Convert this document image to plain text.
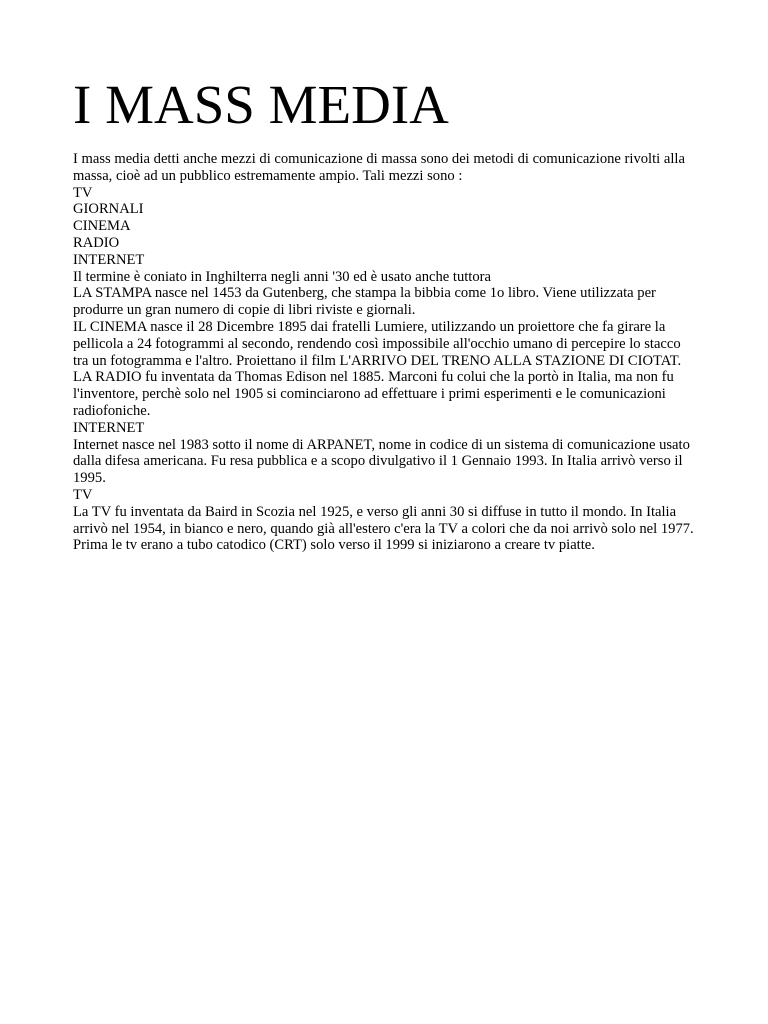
I MASS MEDIA

I mass media detti anche mezzi di comunicazione di massa sono dei metodi di comunicazione rivolti alla massa, cioè ad un pubblico estremamente ampio. Tali mezzi sono :

TV

GIORNALI

CINEMA

RADIO

INTERNET

Il termine è coniato in Inghilterra negli anni '30 ed è usato anche tuttora

LA STAMPA nasce nel 1453 da Gutenberg, che stampa la bibbia come 1o libro. Viene utilizzata per produrre un gran numero di copie di libri riviste e giornali.

IL CINEMA nasce il 28 Dicembre 1895 dai fratelli Lumiere, utilizzando un proiettore che fa girare la pellicola a 24 fotogrammi al secondo, rendendo così impossibile all'occhio umano di percepire lo stacco tra un fotogramma e l'altro. Proiettano il film L'ARRIVO DEL TRENO ALLA STAZIONE DI CIOTAT.

LA RADIO fu inventata da Thomas Edison nel 1885. Marconi fu colui che la portò in Italia, ma non fu l'inventore, perchè solo nel 1905 si cominciarono ad effettuare i primi esperimenti e le comunicazioni radiofoniche.

INTERNET

Internet nasce nel 1983 sotto il nome di ARPANET, nome in codice di un sistema di comunicazione usato dalla difesa americana. Fu resa pubblica e a scopo divulgativo il 1 Gennaio 1993. In Italia arrivò verso il 1995.

TV

La TV fu inventata da Baird in Scozia nel 1925, e verso gli anni 30 si diffuse in tutto il mondo. In Italia arrivò nel 1954, in bianco e nero, quando già all'estero c'era la TV a colori che da noi arrivò solo nel 1977. Prima le tv erano a tubo catodico (CRT) solo verso il 1999 si iniziarono a creare tv piatte.
